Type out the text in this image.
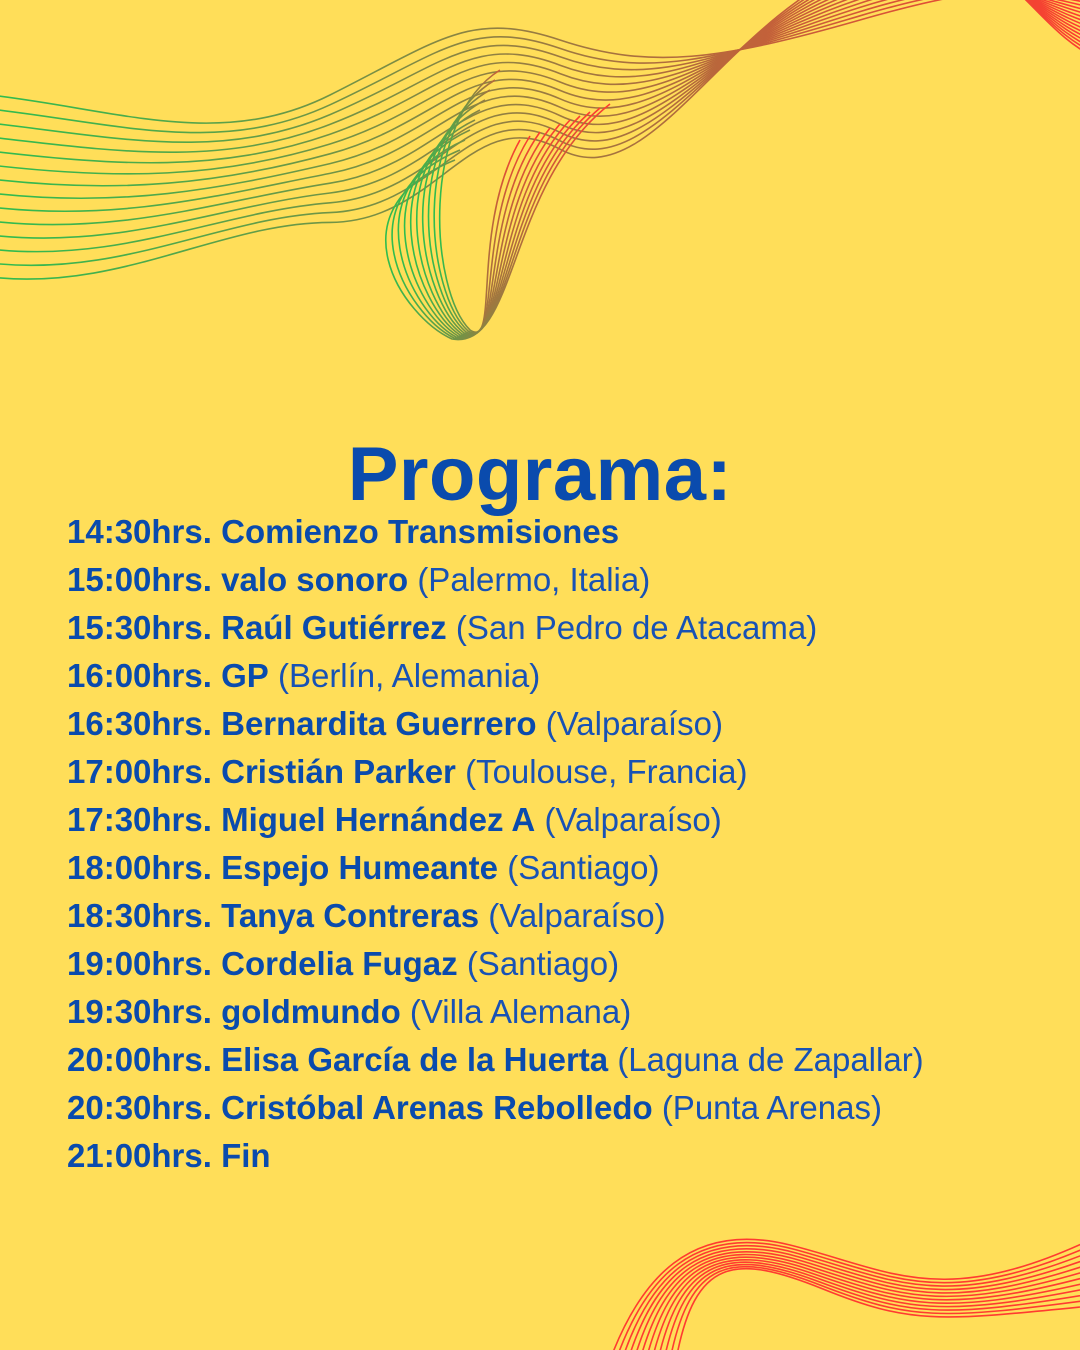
Programa:
14:30hrs. Comienzo Transmisiones
15:00hrs. valo sonoro (Palermo, Italia)
15:30hrs. Raúl Gutiérrez (San Pedro de Atacama)
16:00hrs. GP (Berlín, Alemania)
16:30hrs. Bernardita Guerrero (Valparaíso)
17:00hrs. Cristián Parker (Toulouse, Francia)
17:30hrs. Miguel Hernández A (Valparaíso)
18:00hrs. Espejo Humeante (Santiago)
18:30hrs. Tanya Contreras (Valparaíso)
19:00hrs. Cordelia Fugaz (Santiago)
19:30hrs. goldmundo (Villa Alemana)
20:00hrs. Elisa García de la Huerta (Laguna de Zapallar)
20:30hrs. Cristóbal Arenas Rebolledo (Punta Arenas)
21:00hrs. Fin
